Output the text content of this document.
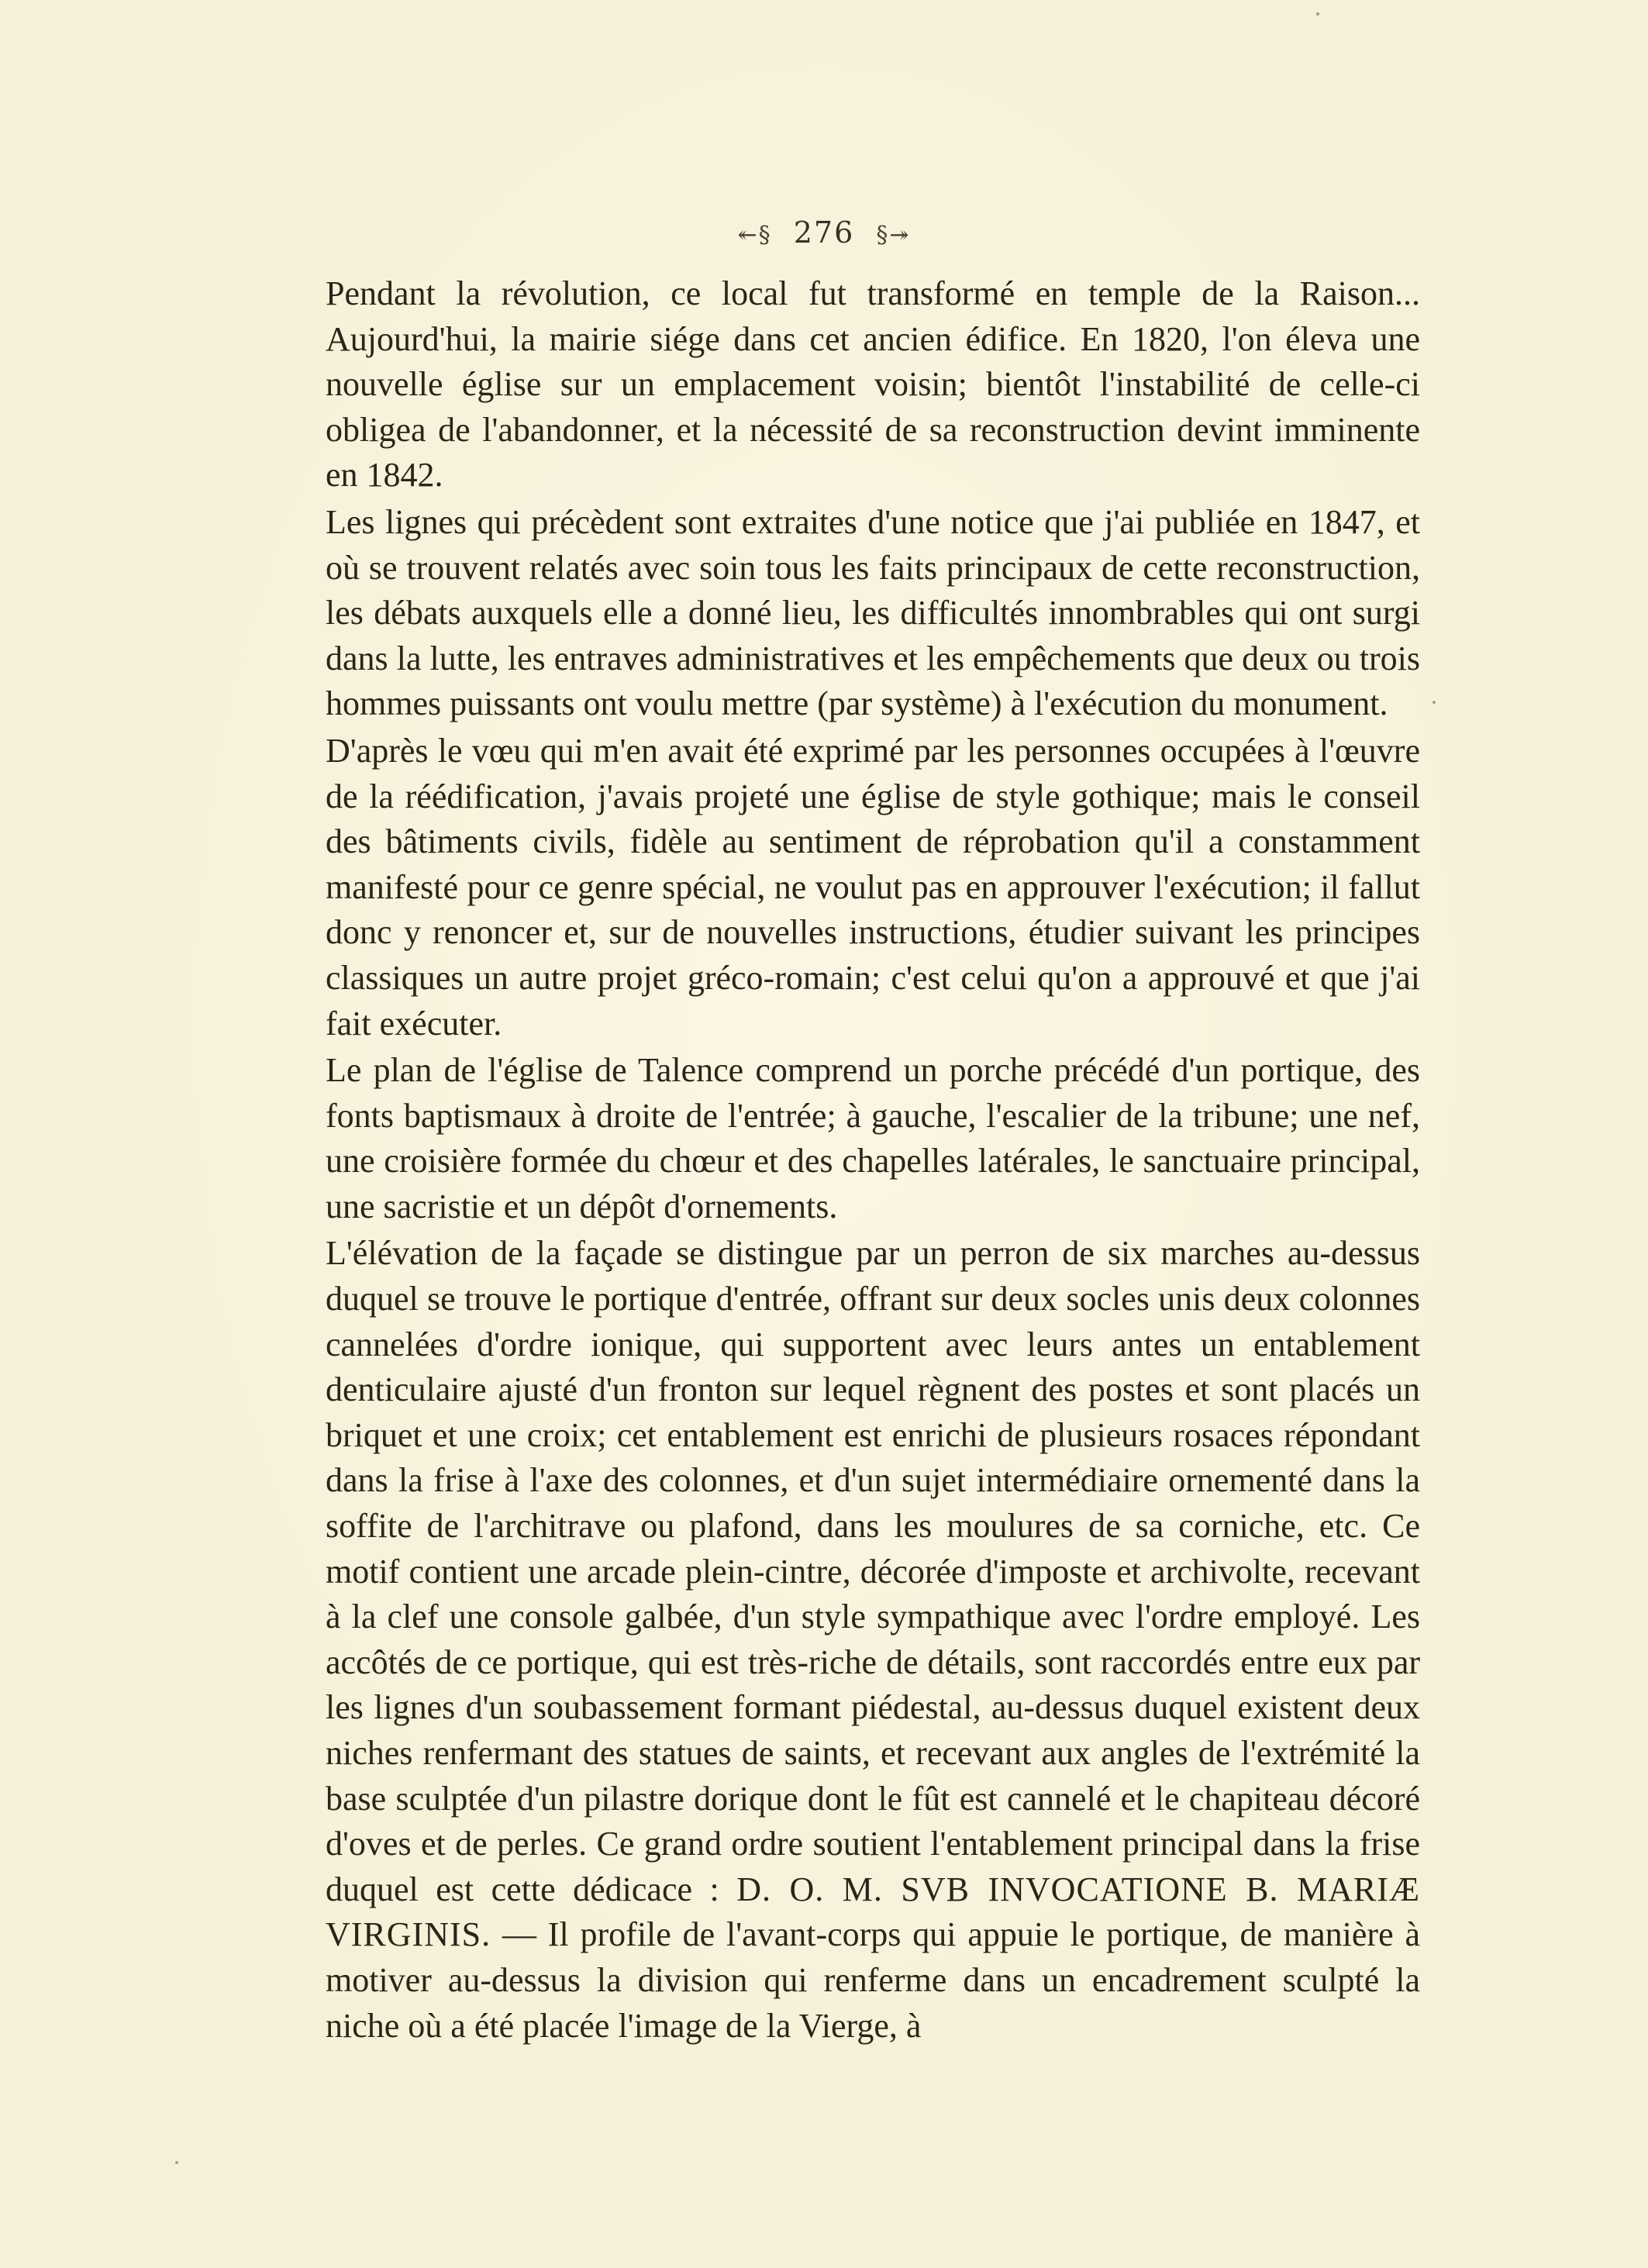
↞§ 276 §↠

Pendant la révolution, ce local fut transformé en temple de la Raison... Aujourd'hui, la mairie siége dans cet ancien édifice. En 1820, l'on éleva une nouvelle église sur un emplacement voisin; bientôt l'instabilité de celle-ci obligea de l'abandonner, et la nécessité de sa reconstruction devint imminente en 1842.

Les lignes qui précèdent sont extraites d'une notice que j'ai publiée en 1847, et où se trouvent relatés avec soin tous les faits principaux de cette reconstruction, les débats auxquels elle a donné lieu, les difficultés innombrables qui ont surgi dans la lutte, les entraves administratives et les empêchements que deux ou trois hommes puissants ont voulu mettre (par système) à l'exécution du monument.

D'après le vœu qui m'en avait été exprimé par les personnes occupées à l'œuvre de la réédification, j'avais projeté une église de style gothique; mais le conseil des bâtiments civils, fidèle au sentiment de réprobation qu'il a constamment manifesté pour ce genre spécial, ne voulut pas en approuver l'exécution; il fallut donc y renoncer et, sur de nouvelles instructions, étudier suivant les principes classiques un autre projet gréco-romain; c'est celui qu'on a approuvé et que j'ai fait exécuter.

Le plan de l'église de Talence comprend un porche précédé d'un portique, des fonts baptismaux à droite de l'entrée; à gauche, l'escalier de la tribune; une nef, une croisière formée du chœur et des chapelles latérales, le sanctuaire principal, une sacristie et un dépôt d'ornements.

L'élévation de la façade se distingue par un perron de six marches au-dessus duquel se trouve le portique d'entrée, offrant sur deux socles unis deux colonnes cannelées d'ordre ionique, qui supportent avec leurs antes un entablement denticulaire ajusté d'un fronton sur lequel règnent des postes et sont placés un briquet et une croix; cet entablement est enrichi de plusieurs rosaces répondant dans la frise à l'axe des colonnes, et d'un sujet intermédiaire ornementé dans la soffite de l'architrave ou plafond, dans les moulures de sa corniche, etc. Ce motif contient une arcade plein-cintre, décorée d'imposte et archivolte, recevant à la clef une console galbée, d'un style sympathique avec l'ordre employé. Les accôtés de ce portique, qui est très-riche de détails, sont raccordés entre eux par les lignes d'un soubassement formant piédestal, au-dessus duquel existent deux niches renfermant des statues de saints, et recevant aux angles de l'extrémité la base sculptée d'un pilastre dorique dont le fût est cannelé et le chapiteau décoré d'oves et de perles. Ce grand ordre soutient l'entablement principal dans la frise duquel est cette dédicace : D. O. M. SVB INVOCATIONE B. MARIÆ VIRGINIS. — Il profile de l'avant-corps qui appuie le portique, de manière à motiver au-dessus la division qui renferme dans un encadrement sculpté la niche où a été placée l'image de la Vierge, à
